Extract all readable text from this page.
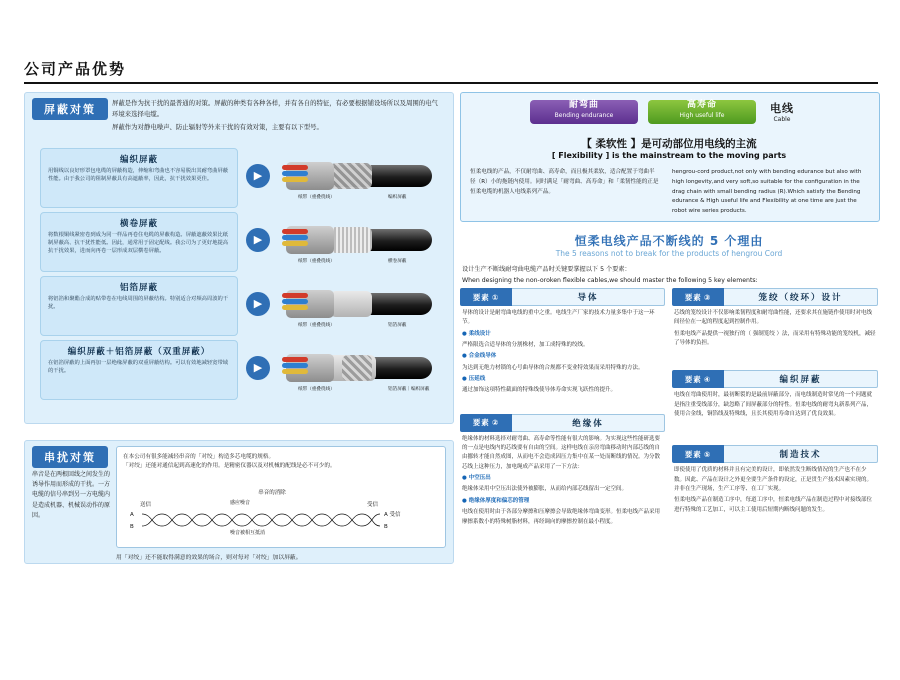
公司产品优势
屏蔽对策	屏蔽是作为抗干扰的最普通的对策。屏蔽的种类有各种各样，并有各自的特征，有必要根据铺设场所以及周围的电气环境来选择电缆。

屏蔽作为对静电噪声、防止辐射等外来干扰的有效对策，主要有以下型号。

编织屏蔽
用铜线以良好形罩包电缆的屏蔽构造，伸缩和弯曲也不容易脱出其耐弯曲屏蔽性能。由于我公司的阻制屏蔽具有高遮蔽率，因此，抗干扰效果更佳。	▶
纸带（重叠绕线）	编织屏蔽
横卷屏蔽
将数根铜线紧密卷到成为同一样品再卷住电缆的屏蔽构造。屏蔽遮蔽效果比纸制屏蔽高、抗干扰性能低。因此，通常用于固定配线。我公司为了更好地提高抗干扰效果，进而向再卷一层形成双层横卷屏蔽。
▶
纸带（重叠绕线）	横卷屏蔽
铝箔屏蔽
将铝箔和聚酯合成的贴带卷在电线周围的屏蔽结构。特别适合对频高周波的干扰。	▶
纸带（重叠绕线）	铝箔屏蔽
编织屏蔽＋铝箔屏蔽（双重屏蔽）
在铝箔屏蔽的上面再加一层绝缘屏蔽的双重屏蔽结构。可以有效地减轻宽带域的干扰。	▶
纸带（重叠绕线）	铝箔屏蔽｜编织屏蔽
串扰对策
串音是在两根回线之间发生的诱导作用而形成的干扰。一方电缆的信号串到另一方电缆内是造成机器、机械误动作的原因。

在本公司有很多能减轻串音的「对绞」构造多芯电缆的规格。

「对绞」还能对通信起到高速化的作用。是精密仪器以及对机械的配线是必不可少的。

串音的消除
送信	感应噪音	受信
噪音被相互抵消
A
B
A 受信
B
用「对绞」还不能取得满意的效果的场合，则对每对「对绞」加以屏蔽。
耐弯曲
Bending endurance
高寿命
High useful life
电线
Cable
【 柔软性 】是可动部位用电线的主流
[ Flexibility ] is the mainstream to the moving parts
恒柔电线的产品，不仅耐弯曲、高寿命，而且极其柔软，适合配置于弯曲半径（R）小的拖链内使用。同时满足「耐弯曲、高寿命」和「柔韧性能的正是恒柔电缆的机器人电线系列产品。
hengrou-cord product,not only with bending edurance but also with high longevity,and very soft,so suitable for the configuration in the drag chain with small bending radius (R).Which satisfy the Bending edurance & High useful life and Flexibility at one time are just the robot wire series products.
恒柔电线产品不断线的 5 个理由
The 5 reasons not to break for the products of hengrou Cord
设计生产不断线耐弯曲电缆产品时关键要掌握以下 5 个要素：
When designing the non-oroken flexible cables,we should master the following 5 key elements:
要素 ①	导体

导体的设计是耐弯曲电线的重中之重。电线生产厂家的技术力量多集中于这一环节。

● 柔线设计

严格限选合适导体的分割株材，加工成特殊的绞线。

● 合金线导体

为达到无绝力材锁的心号曲导体的合规都不变业特效果而采用特殊的方法。

● 压延线

通过加饰这项特性截面的特殊线使导体寿命实现飞跃性的提升。

要素 ②	绝缘体

绝缘体的材料选择对耐弯曲、高寿命等性能有很大的影响。为实现这些性能研选要的一点是电线内的芯线要有自由的空间。这样电线在亲房弯曲移动时内部芯线的自由挪转才能自然成图，从而电不会造成因压力集中在某一处而断线的情况。为分散芯线上这种压力，加电绳成产品采用了一下方法：

● 中空压出

绝缘体采用中空压出法使外被膨胀，从而给内部芯线留出一定空间。

● 绝缘体厚度和偏芯的管理

电线在使用时由于各部分摩擦和压摩擦会导致绝缘体弯曲变形。恒柔电线产品采用摩擦系数小的特殊树脂材料，再经调向的摩擦控制在最小程度。

要素 ③	笼绞（绞环）设计

芯线的笼绞设计不仅影响柔韧程度和耐弯曲性能，还要求其在施链作使用时对电线间径位在一起的程度起到控制作用。

恒柔电线产品提供一视独行的（ 强制笼绞 ）法，而采用有特殊功能的笼绞机，减轻了导体的负担。

要素 ④	编织屏蔽

电线在弯曲使用时，最初断裂的是最前屏蔽部分，而电线制造时常见的一个问题就是指注重受线部分，缺忽略了间屏蔽部分的特性。恒柔电线的耐弯丸新系列产品，使用合金线，铜箔线及特殊线，且长其使用寿命自达到了优良效果。

要素 ⑤	制造技术

即使使用了优质的材料并且有完美的设计，即依然发生断线情况的生产也不在少数。因此、产品在设计之外更全要生产条件的设定，正是贯生产技术因素实现的。并非在生产现场，生产工序等、在工厂实现。

恒柔电线产品在制造工序中，每道工序中，恒柔电线产品在制造过程中对接线部位进行特殊的工艺加工，可以主工使用后短期内断线问题的发生。
